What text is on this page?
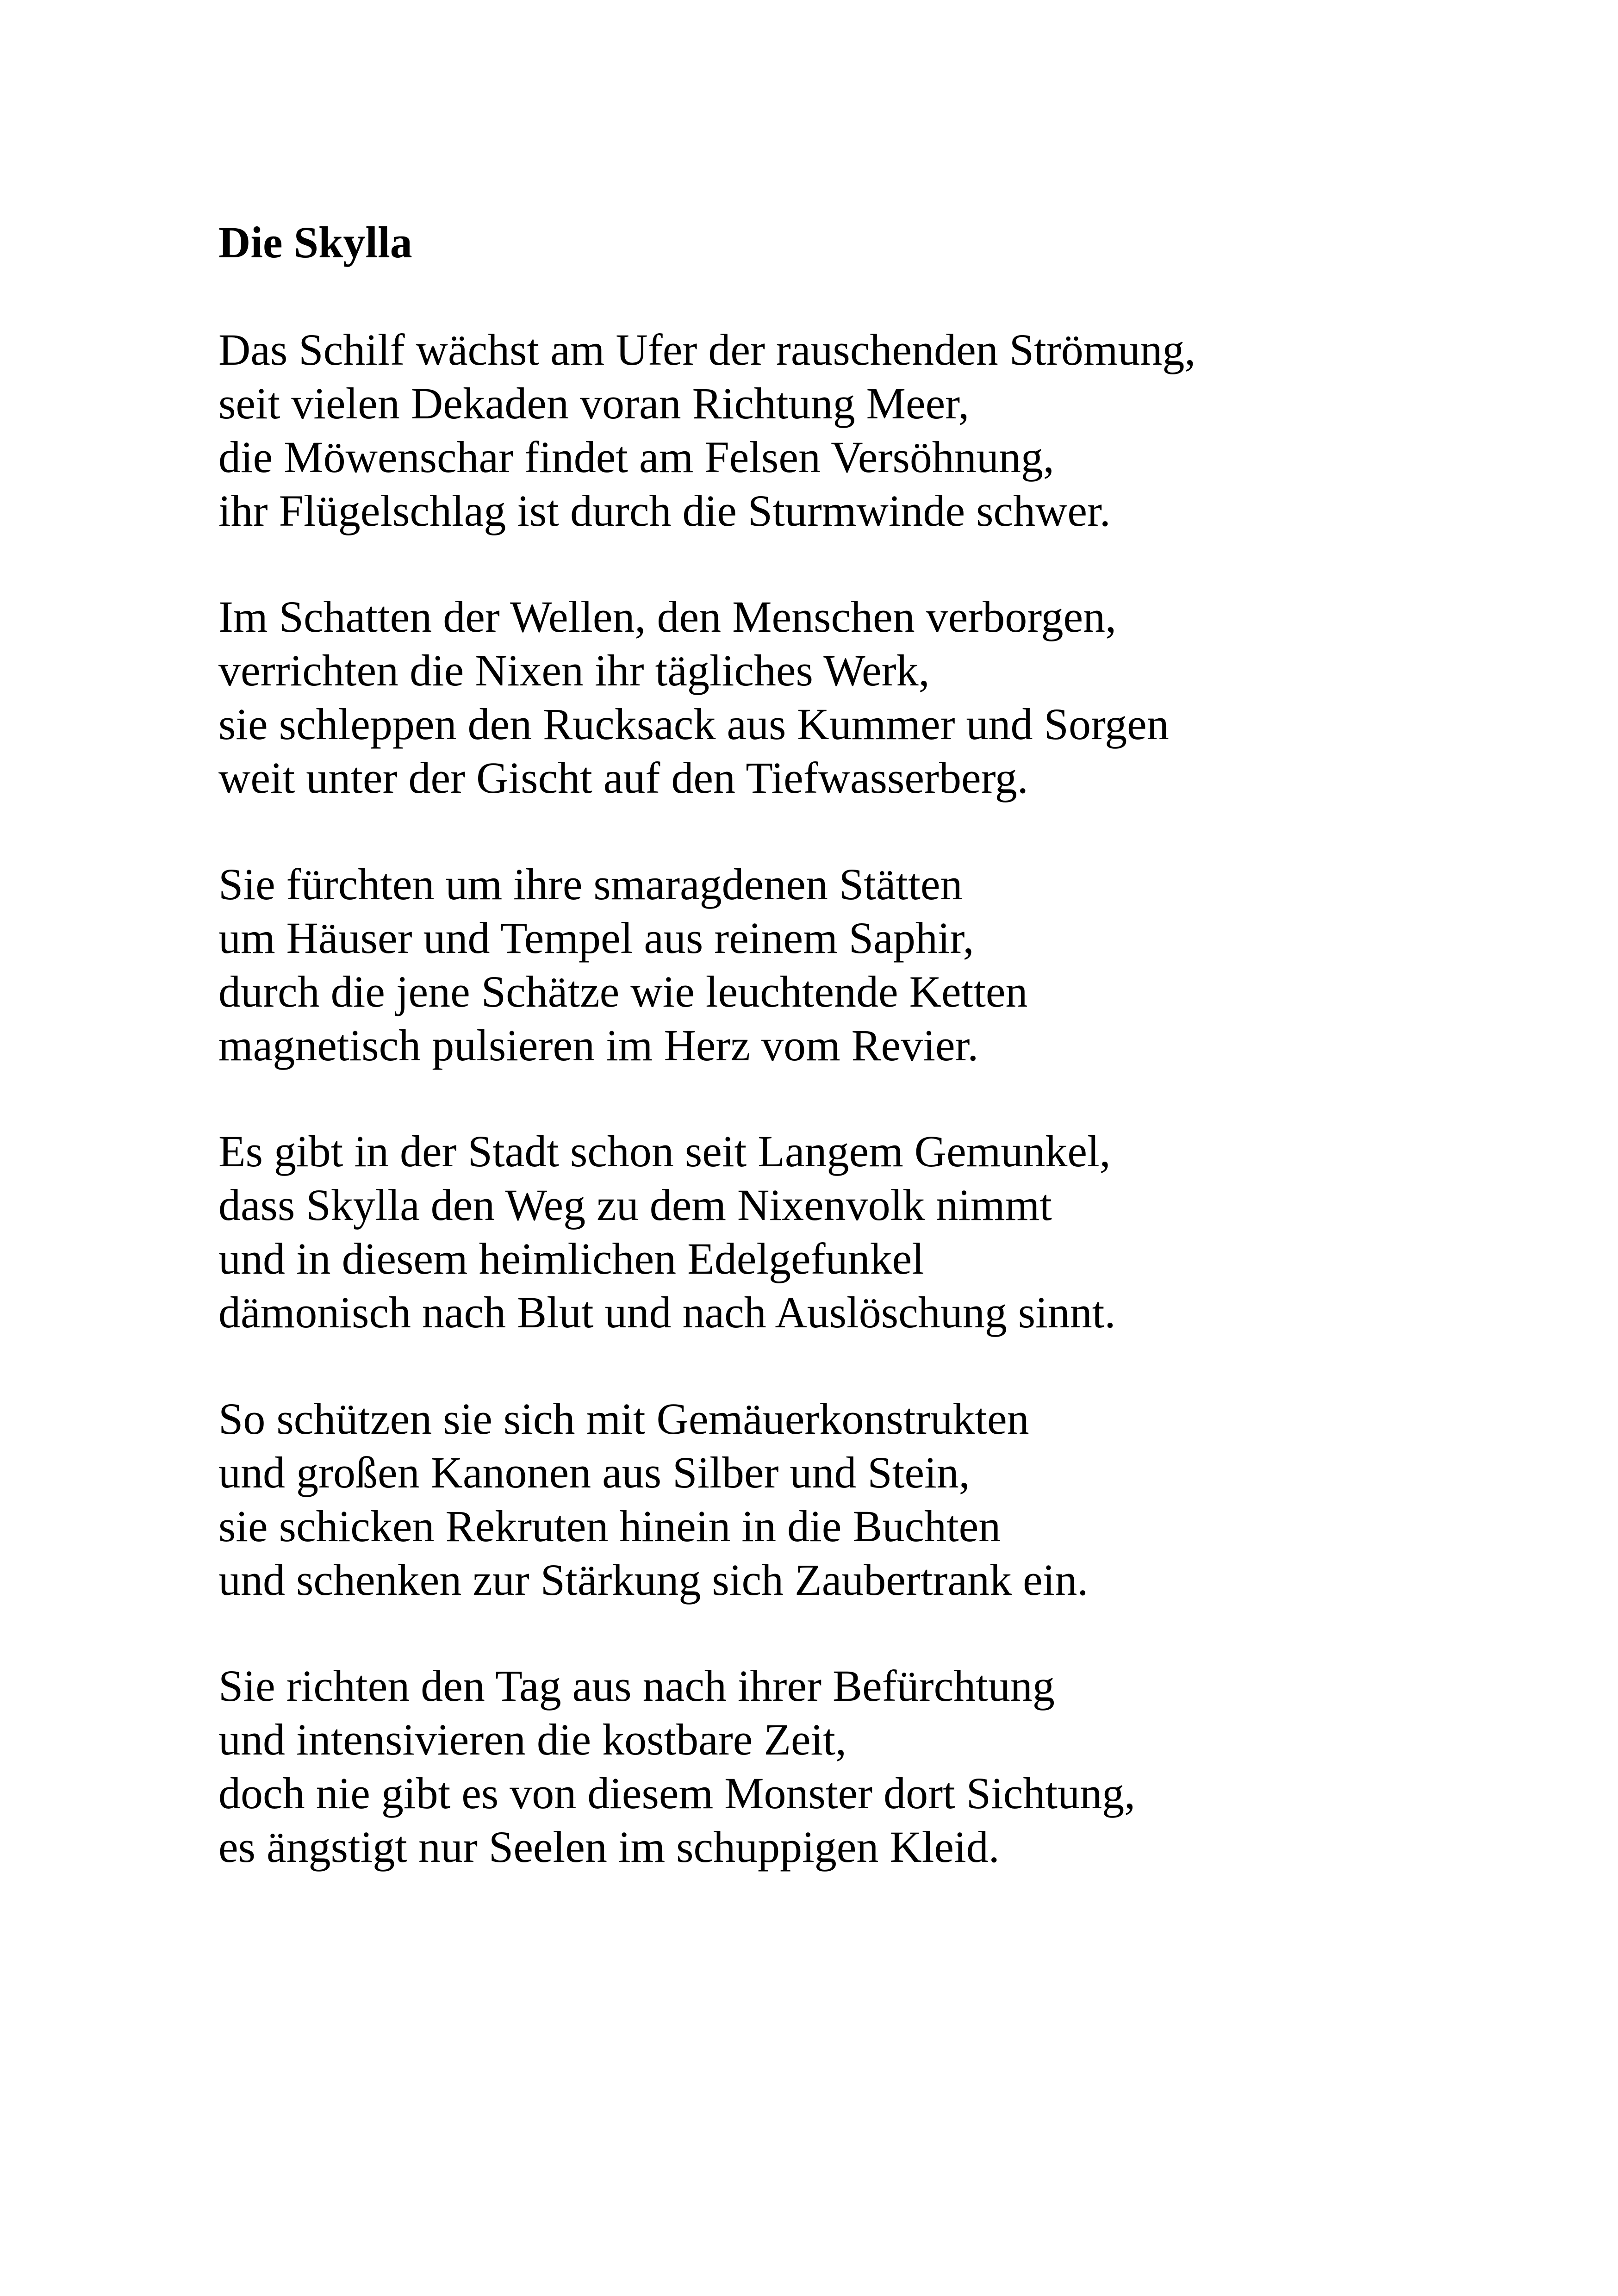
Die Skylla
Das Schilf wächst am Ufer der rauschenden Strömung,
seit vielen Dekaden voran Richtung Meer,
die Möwenschar findet am Felsen Versöhnung,
ihr Flügelschlag ist durch die Sturmwinde schwer.
Im Schatten der Wellen, den Menschen verborgen,
verrichten die Nixen ihr tägliches Werk,
sie schleppen den Rucksack aus Kummer und Sorgen
weit unter der Gischt auf den Tiefwasserberg.
Sie fürchten um ihre smaragdenen Stätten
um Häuser und Tempel aus reinem Saphir,
durch die jene Schätze wie leuchtende Ketten
magnetisch pulsieren im Herz vom Revier.
Es gibt in der Stadt schon seit Langem Gemunkel,
dass Skylla den Weg zu dem Nixenvolk nimmt
und in diesem heimlichen Edelgefunkel
dämonisch nach Blut und nach Auslöschung sinnt.
So schützen sie sich mit Gemäuerkonstrukten
und großen Kanonen aus Silber und Stein,
sie schicken Rekruten hinein in die Buchten
und schenken zur Stärkung sich Zaubertrank ein.
Sie richten den Tag aus nach ihrer Befürchtung
und intensivieren die kostbare Zeit,
doch nie gibt es von diesem Monster dort Sichtung,
es ängstigt nur Seelen im schuppigen Kleid.
